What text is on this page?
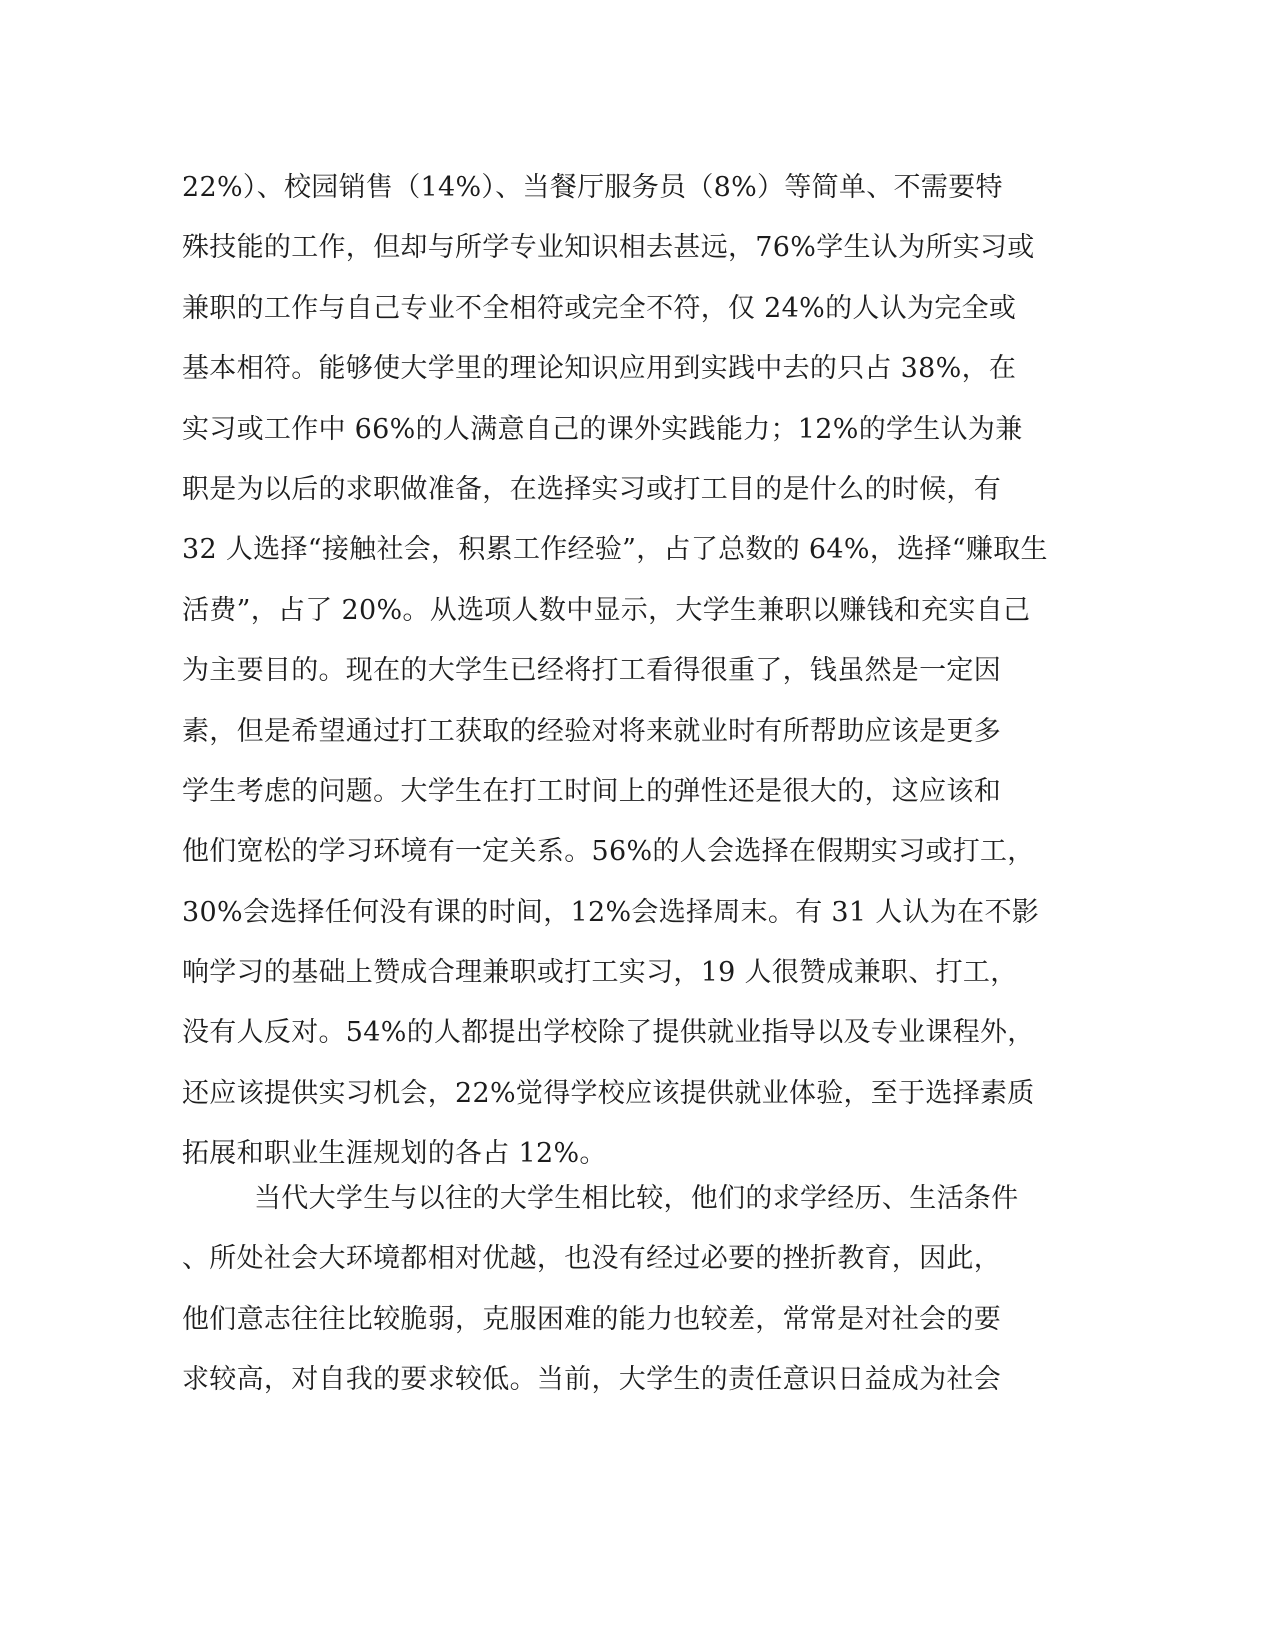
22%）、校园销售（14%）、当餐厅服务员（8%）等简单、不需要特
殊技能的工作，但却与所学专业知识相去甚远，76%学生认为所实习或
兼职的工作与自己专业不全相符或完全不符，仅 24%的人认为完全或
基本相符。能够使大学里的理论知识应用到实践中去的只占 38%，在
实习或工作中 66%的人满意自己的课外实践能力；12%的学生认为兼
职是为以后的求职做准备，在选择实习或打工目的是什么的时候，有
32 人选择“接触社会，积累工作经验”，占了总数的 64%，选择“赚取生
活费”，占了 20%。从选项人数中显示，大学生兼职以赚钱和充实自己
为主要目的。现在的大学生已经将打工看得很重了，钱虽然是一定因
素，但是希望通过打工获取的经验对将来就业时有所帮助应该是更多
学生考虑的问题。大学生在打工时间上的弹性还是很大的，这应该和
他们宽松的学习环境有一定关系。56%的人会选择在假期实习或打工，
30%会选择任何没有课的时间，12%会选择周末。有 31 人认为在不影
响学习的基础上赞成合理兼职或打工实习，19 人很赞成兼职、打工，
没有人反对。54%的人都提出学校除了提供就业指导以及专业课程外，
还应该提供实习机会，22%觉得学校应该提供就业体验，至于选择素质
拓展和职业生涯规划的各占 12%。
当代大学生与以往的大学生相比较，他们的求学经历、生活条件
、所处社会大环境都相对优越，也没有经过必要的挫折教育，因此，
他们意志往往比较脆弱，克服困难的能力也较差，常常是对社会的要
求较高，对自我的要求较低。当前，大学生的责任意识日益成为社会
